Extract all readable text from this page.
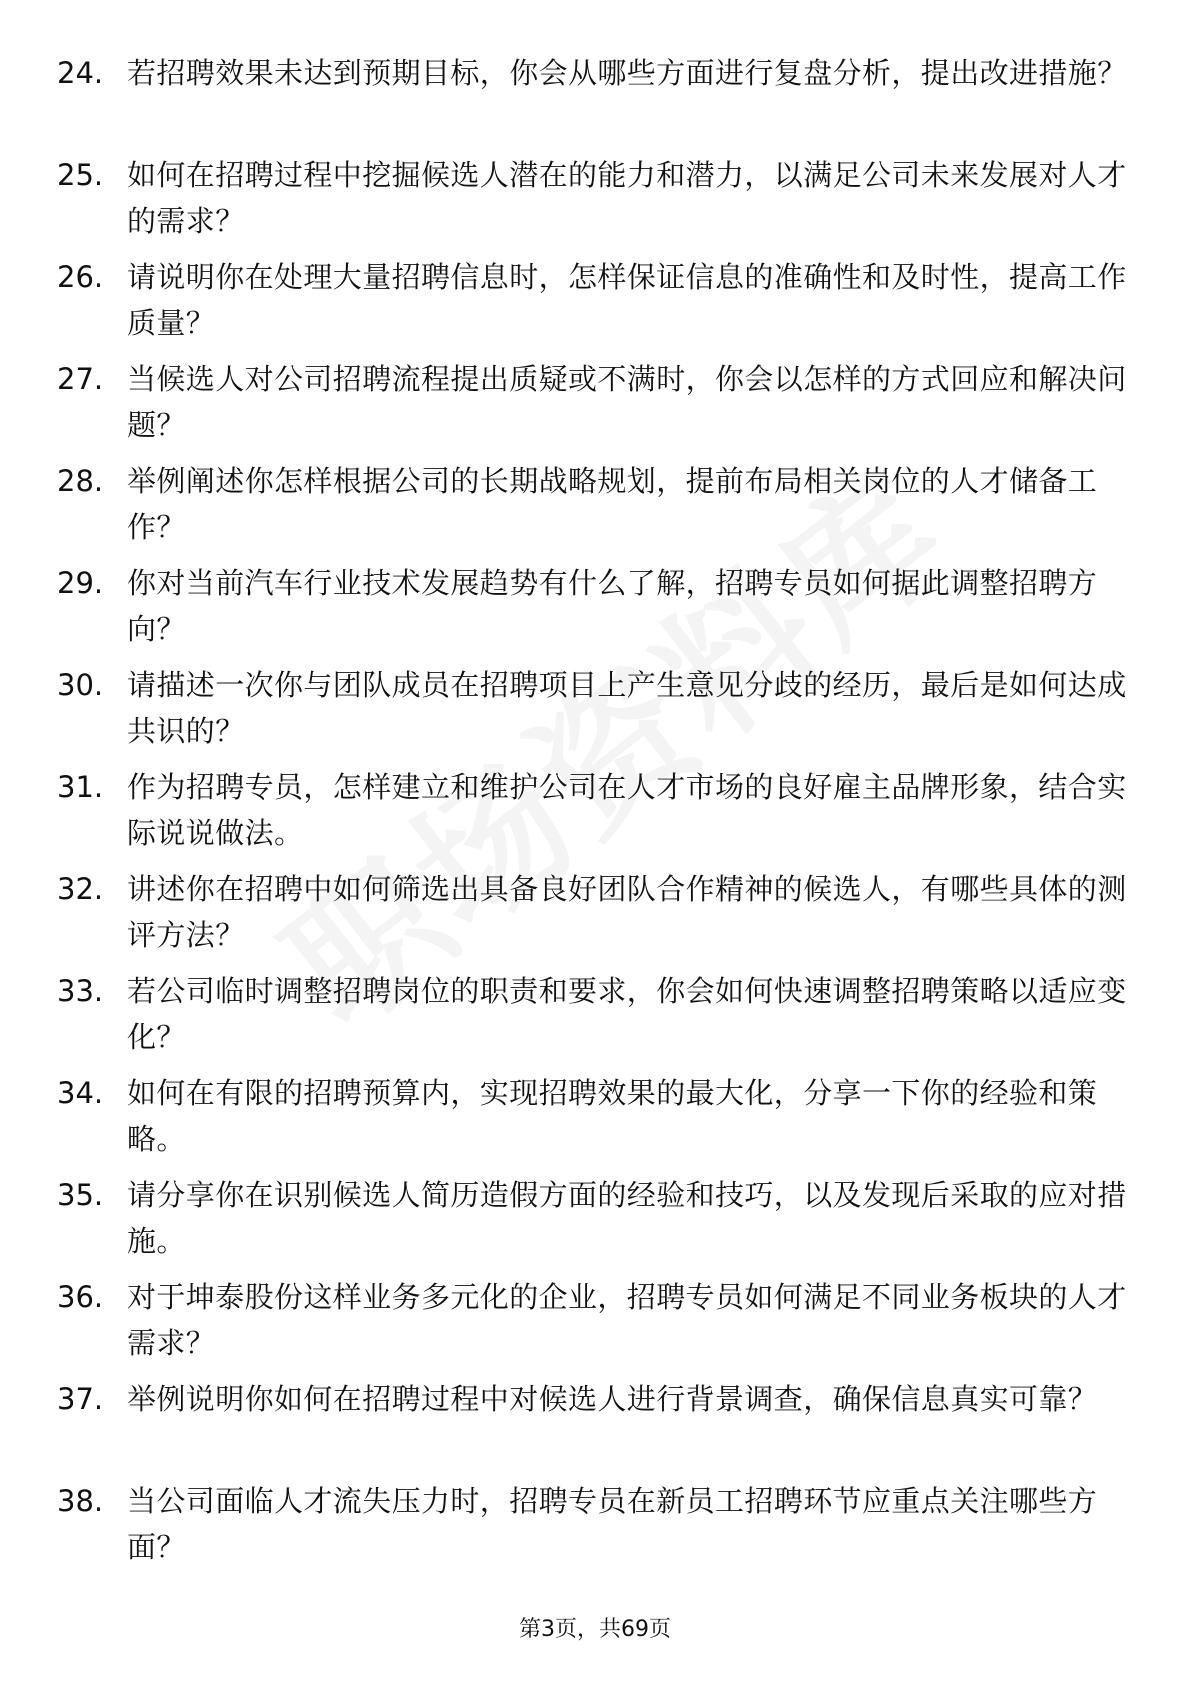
24. 若招聘效果未达到预期目标，你会从哪些方面进行复盘分析，提出改进措施？
25. 如何在招聘过程中挖掘候选人潜在的能力和潜力，以满足公司未来发展对人才的需求？
26. 请说明你在处理大量招聘信息时，怎样保证信息的准确性和及时性，提高工作质量？
27. 当候选人对公司招聘流程提出质疑或不满时，你会以怎样的方式回应和解决问题？
28. 举例阐述你怎样根据公司的长期战略规划，提前布局相关岗位的人才储备工作？
29. 你对当前汽车行业技术发展趋势有什么了解，招聘专员如何据此调整招聘方向？
30. 请描述一次你与团队成员在招聘项目上产生意见分歧的经历，最后是如何达成共识的？
31. 作为招聘专员，怎样建立和维护公司在人才市场的良好雇主品牌形象，结合实际说说做法。
32. 讲述你在招聘中如何筛选出具备良好团队合作精神的候选人，有哪些具体的测评方法？
33. 若公司临时调整招聘岗位的职责和要求，你会如何快速调整招聘策略以适应变化？
34. 如何在有限的招聘预算内，实现招聘效果的最大化，分享一下你的经验和策略。
35. 请分享你在识别候选人简历造假方面的经验和技巧，以及发现后采取的应对措施。
36. 对于坤泰股份这样业务多元化的企业，招聘专员如何满足不同业务板块的人才需求？
37. 举例说明你如何在招聘过程中对候选人进行背景调查，确保信息真实可靠？
38. 当公司面临人才流失压力时，招聘专员在新员工招聘环节应重点关注哪些方面？
第3页，共69页
